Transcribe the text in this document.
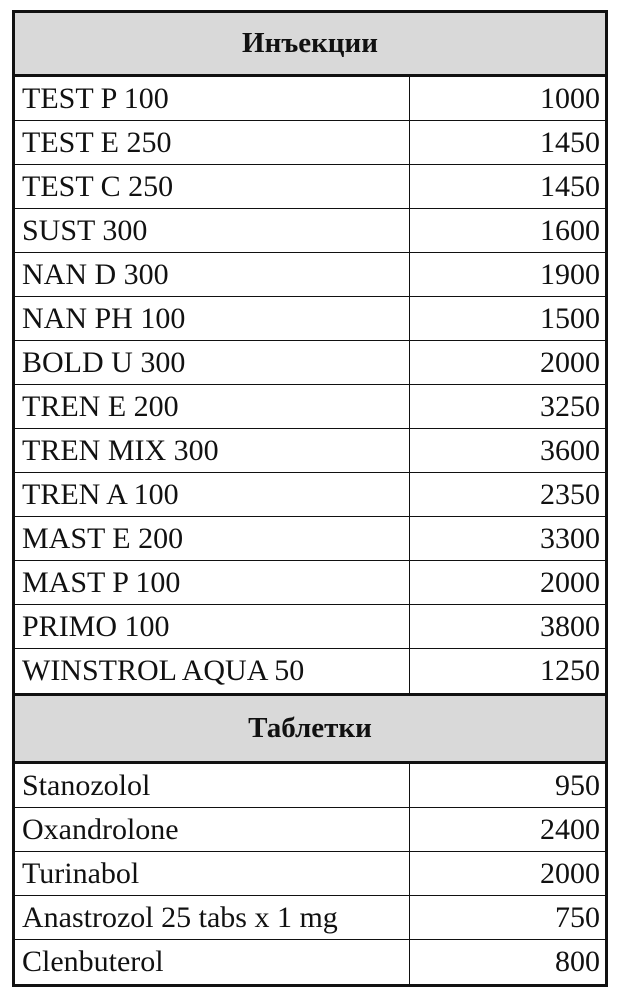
Инъекции
TEST P 100	1000
TEST E 250	1450
TEST C 250	1450
SUST 300	1600
NAN D 300	1900
NAN PH 100	1500
BOLD U 300	2000
TREN E 200	3250
TREN MIX 300	3600
TREN A 100	2350
MAST E 200	3300
MAST P 100	2000
PRIMO 100	3800
WINSTROL AQUA 50	1250
Таблетки
Stanozolol	950
Oxandrolone	2400
Turinabol	2000
Anastrozol 25 tabs x 1 mg	750
Clenbuterol	800
